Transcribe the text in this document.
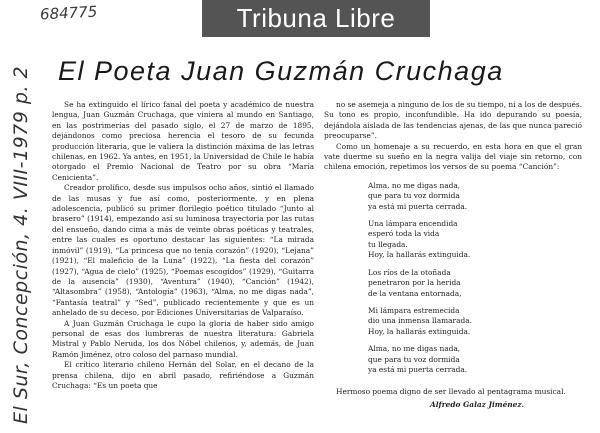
684775
El Sur, Concepción, 4. VIII-1979 p. 2
Tribuna Libre
El Poeta Juan Guzmán Cruchaga

Se ha extinguido el lírico fanal del poeta y académico de nuestra lengua, Juan Guzmán Cruchaga, que viniera al mundo en Santiago, en las postrimerías del pasado siglo, el 27 de marzo de 1895, dejándonos como preciosa herencia el tesoro de su fecunda producción literaria, que le valiera la distinción máxima de las letras chilenas, en 1962. Ya antes, en 1951, la Universidad de Chile le había otorgado el Premio Nacional de Teatro por su obra “María Cenicienta”.

Creador prolífico, desde sus impulsos ocho años, sintió el llamado de las musas y fue así como, posteriormente, y en plena adolescencia, publicó su primer florilegio poético titulado “Junto al brasero” (1914), empezando así su luminosa trayectoria por las rutas del ensueño, dando cima a más de veinte obras poéticas y teatrales, entre las cuales es oportuno destacar las siguientes: “La mirada inmóvil” (1919), “La princesa que no tenía corazón” (1920), “Lejana” (1921), “El maleficio de la Luna” (1922), “La fiesta del corazón” (1927), “Agua de cielo” (1925), “Poemas escogidos” (1929), “Guitarra de la ausencia” (1930), “Aventura” (1940), “Canción” (1942), “Altasombra” (1958), “Antología” (1963), “Alma, no me digas nada”, “Fantasía teatral” y “Sed”, publicado recientemente y que es un anhelado de su deceso, por Ediciones Universitarias de Valparaíso.

A Juan Guzmán Cruchaga le cupo la gloria de haber sido amigo personal de esas dos lumbreras de nuestra literatura: Gabriela Mistral y Pablo Neruda, los dos Nóbel chilenos, y, además, de Juan Ramón Jiménez, otro coloso del parnaso mundial.

El crítico literario chileno Hernán del Solar, en el decano de la prensa chilena, dijo en abril pasado, refiriéndose a Guzmán Cruchaga: “Es un poeta que

no se asemeja a ninguno de los de su tiempo, ni a los de después. Su tono es propio, inconfundible. Ha ido depurando su poesía, dejándola aislada de las tendencias ajenas, de las que nunca pareció preocuparse”.

Como un homenaje a su recuerdo, en esta hora en que el gran vate duerme su sueño en la negra valija del viaje sin retorno, con chilena emoción, repetimos los versos de su poema “Canción”:

Alma, no me digas nada,
que para tu voz dormida
ya está mi puerta cerrada.
Una lámpara encendida
esperó toda la vida
tu llegada.
Hoy, la hallarás extinguida.
Los ríos de la otoñada
penetraron por la herida
de la ventana entornada,
Mi lámpara estremecida
dio una inmensa llamarada.
Hoy, la hallarás extinguida.
Alma, no me digas nada,
que para tu voz dormida
ya está mi puerta cerrada.

Hermoso poema digno de ser llevado al pentagrama musical.

Alfredo Galaz Jiménez.
